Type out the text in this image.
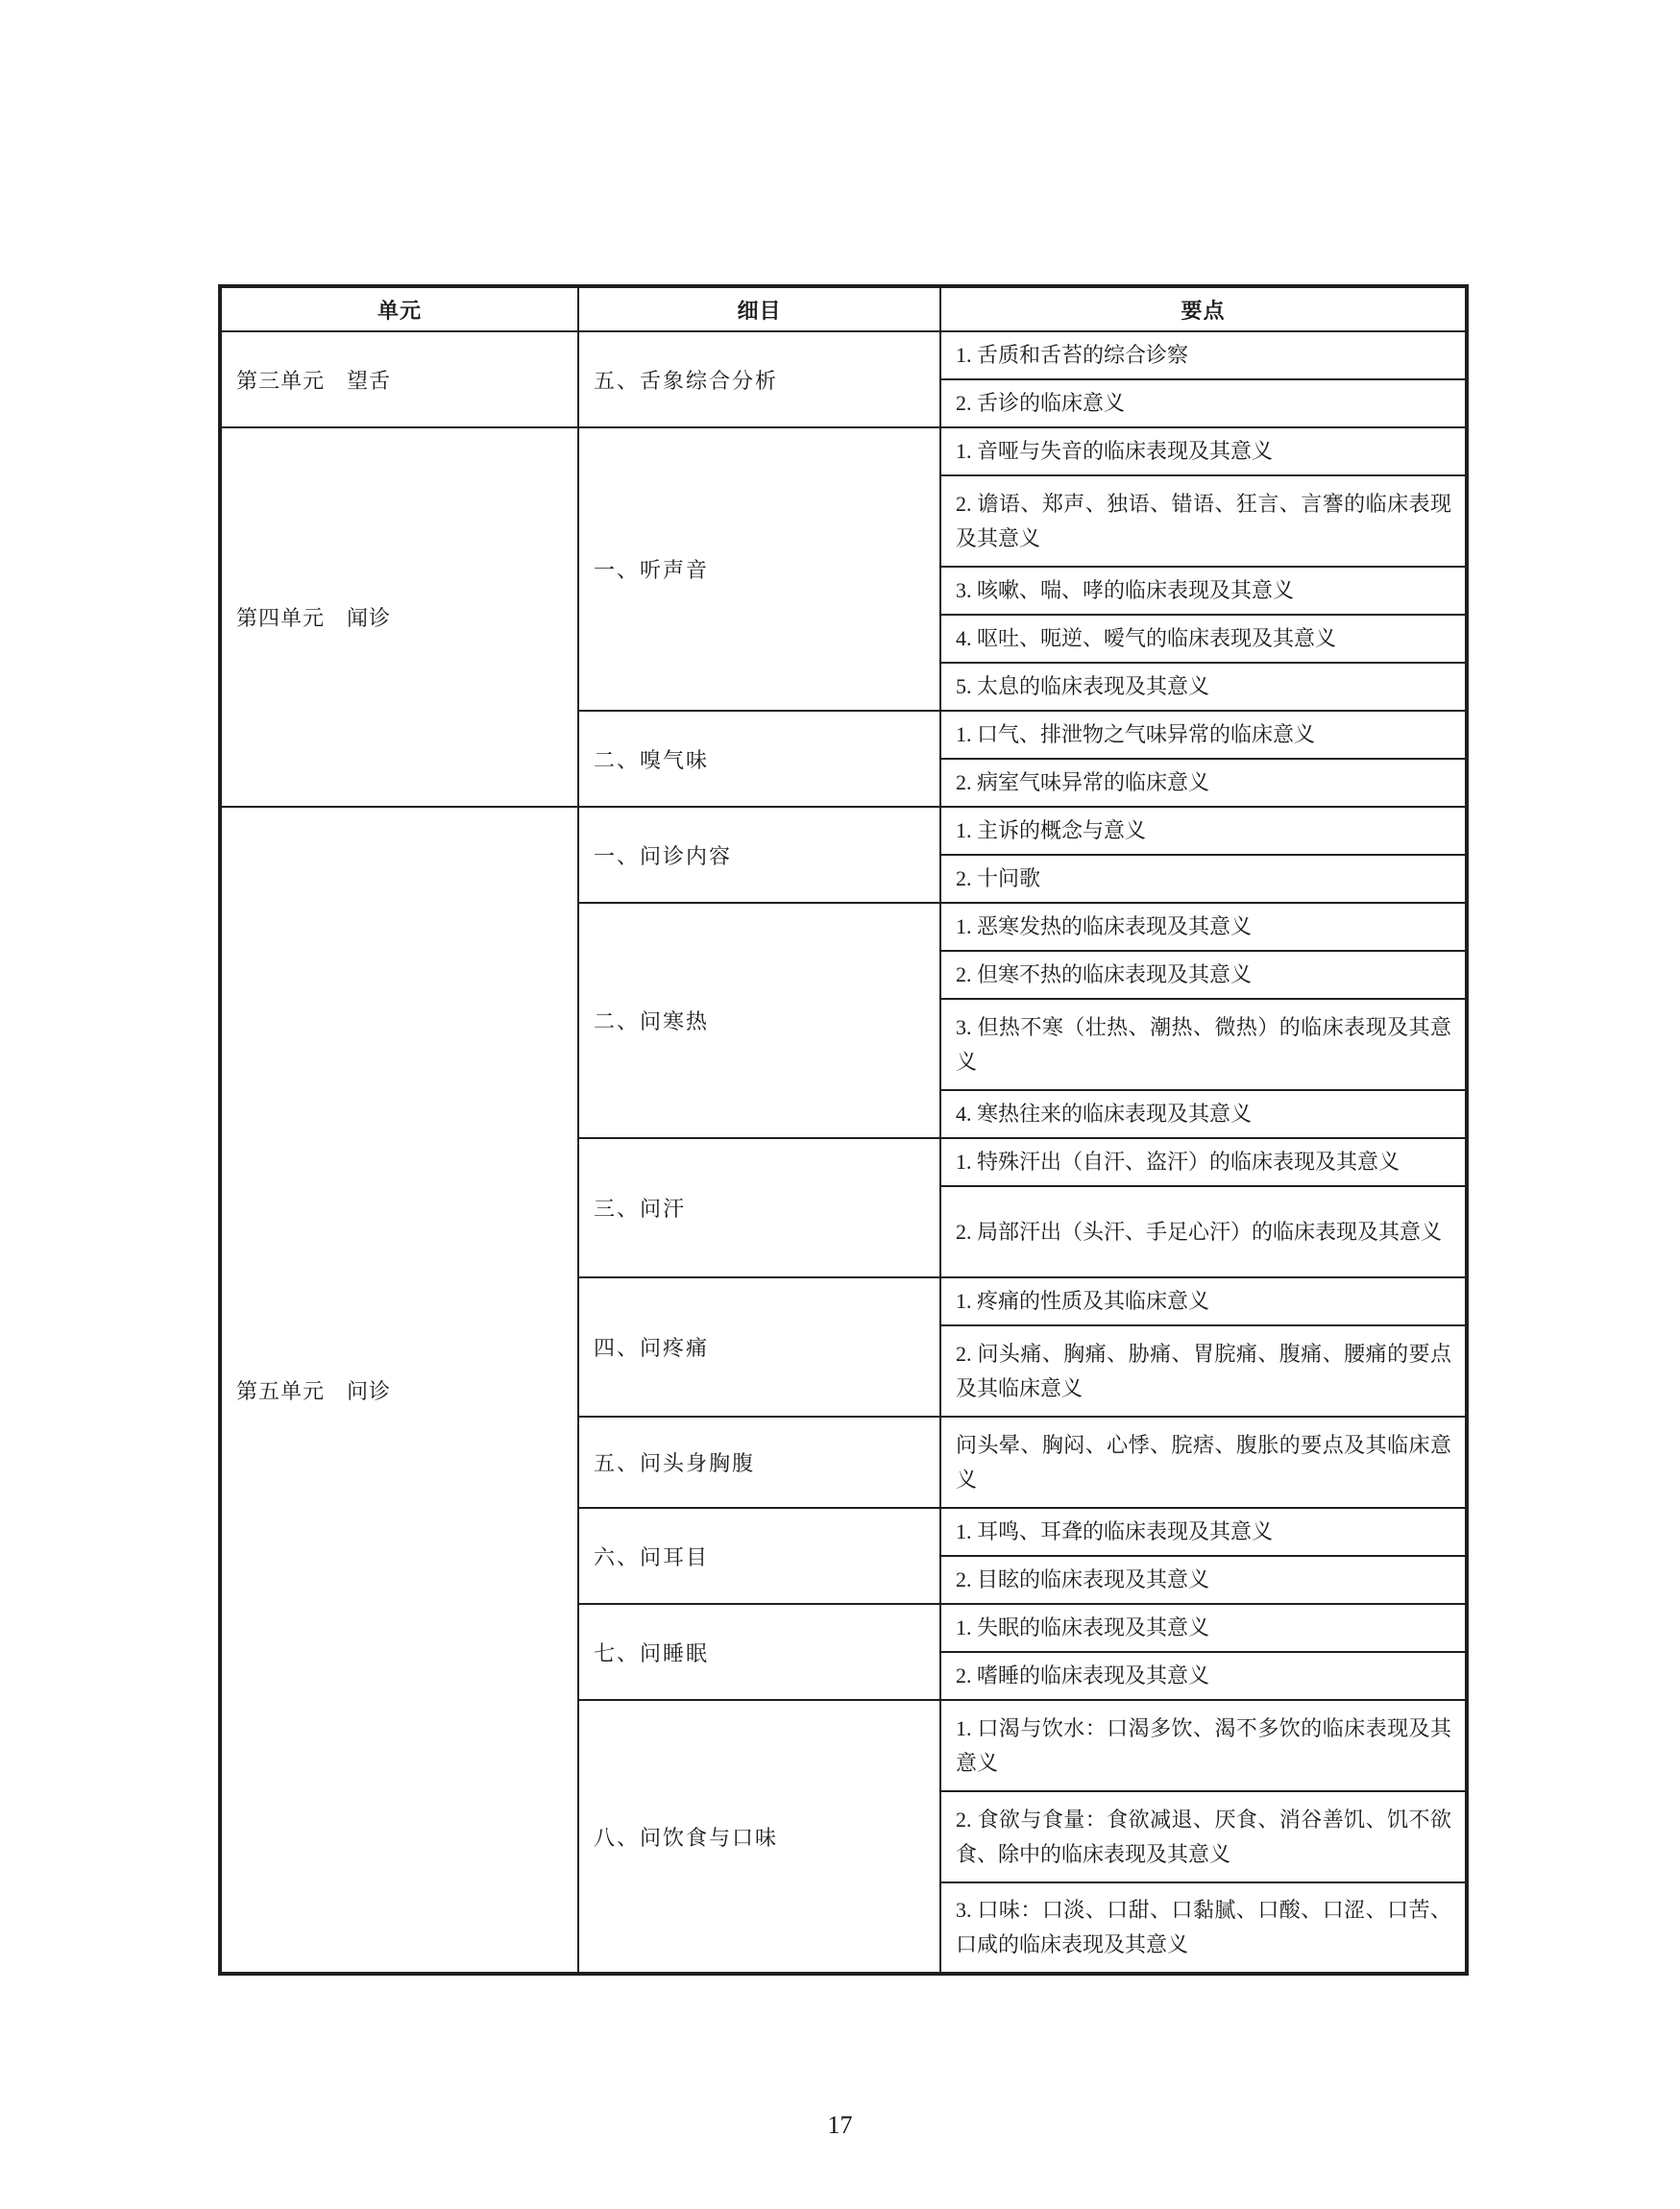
单元	细目	要点
第三单元　望舌	五、舌象综合分析	1. 舌质和舌苔的综合诊察
		2. 舌诊的临床意义
第四单元　闻诊	一、听声音	1. 音哑与失音的临床表现及其意义
		2. 谵语、郑声、独语、错语、狂言、言謇的临床表现及其意义
		3. 咳嗽、喘、哮的临床表现及其意义
		4. 呕吐、呃逆、嗳气的临床表现及其意义
		5. 太息的临床表现及其意义
	二、嗅气味	1. 口气、排泄物之气味异常的临床意义
		2. 病室气味异常的临床意义
第五单元　问诊	一、问诊内容	1. 主诉的概念与意义
		2. 十问歌
	二、问寒热	1. 恶寒发热的临床表现及其意义
		2. 但寒不热的临床表现及其意义
		3. 但热不寒（壮热、潮热、微热）的临床表现及其意义
		4. 寒热往来的临床表现及其意义
	三、问汗	1. 特殊汗出（自汗、盗汗）的临床表现及其意义
		2. 局部汗出（头汗、手足心汗）的临床表现及其意义
	四、问疼痛	1. 疼痛的性质及其临床意义
		2. 问头痛、胸痛、胁痛、胃脘痛、腹痛、腰痛的要点及其临床意义
	五、问头身胸腹	问头晕、胸闷、心悸、脘痞、腹胀的要点及其临床意义
	六、问耳目	1. 耳鸣、耳聋的临床表现及其意义
		2. 目眩的临床表现及其意义
	七、问睡眠	1. 失眠的临床表现及其意义
		2. 嗜睡的临床表现及其意义
	八、问饮食与口味	1. 口渴与饮水：口渴多饮、渴不多饮的临床表现及其意义
		2. 食欲与食量：食欲减退、厌食、消谷善饥、饥不欲食、除中的临床表现及其意义
		3. 口味：口淡、口甜、口黏腻、口酸、口涩、口苦、口咸的临床表现及其意义
17
